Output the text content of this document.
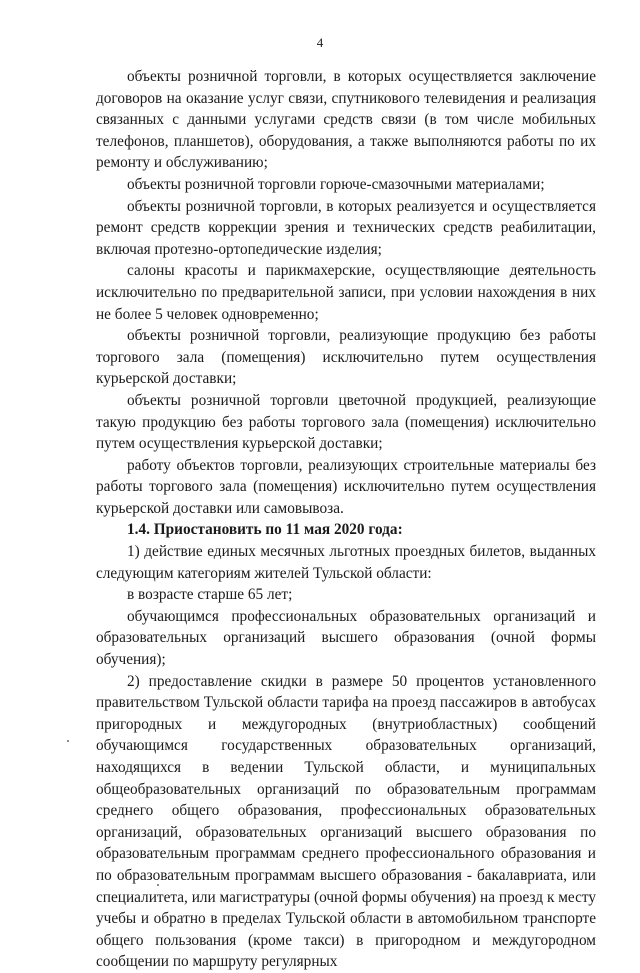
4

объекты розничной торговли, в которых осуществляется заключение договоров на оказание услуг связи, спутникового телевидения и реализация связанных с данными услугами средств связи (в том числе мобильных телефонов, планшетов), оборудования, а также выполняются работы по их ремонту и обслуживанию;

объекты розничной торговли горюче-смазочными материалами;

объекты розничной торговли, в которых реализуется и осуществляется ремонт средств коррекции зрения и технических средств реабилитации, включая протезно-ортопедические изделия;

салоны красоты и парикмахерские, осуществляющие деятельность исключительно по предварительной записи, при условии нахождения в них не более 5 человек одновременно;

объекты розничной торговли, реализующие продукцию без работы торгового зала (помещения) исключительно путем осуществления курьерской доставки;

объекты розничной торговли цветочной продукцией, реализующие такую продукцию без работы торгового зала (помещения) исключительно путем осуществления курьерской доставки;

работу объектов торговли, реализующих строительные материалы без работы торгового зала (помещения) исключительно путем осуществления курьерской доставки или самовывоза.

1.4. Приостановить по 11 мая 2020 года:

1) действие единых месячных льготных проездных билетов, выданных следующим категориям жителей Тульской области:

в возрасте старше 65 лет;

обучающимся профессиональных образовательных организаций и образовательных организаций высшего образования (очной формы обучения);

2) предоставление скидки в размере 50 процентов установленного правительством Тульской области тарифа на проезд пассажиров в автобусах пригородных и междугородных (внутриобластных) сообщений обучающимся государственных образовательных организаций, находящихся в ведении Тульской области, и муниципальных общеобразовательных организаций по образовательным программам среднего общего образования, профессиональных образовательных организаций, образовательных организаций высшего образования по образовательным программам среднего профессионального образования и по образовательным программам высшего образования - бакалавриата, или специалитета, или магистратуры (очной формы обучения) на проезд к месту учебы и обратно в пределах Тульской области в автомобильном транспорте общего пользования (кроме такси) в пригородном и междугородном сообщении по маршруту регулярных
